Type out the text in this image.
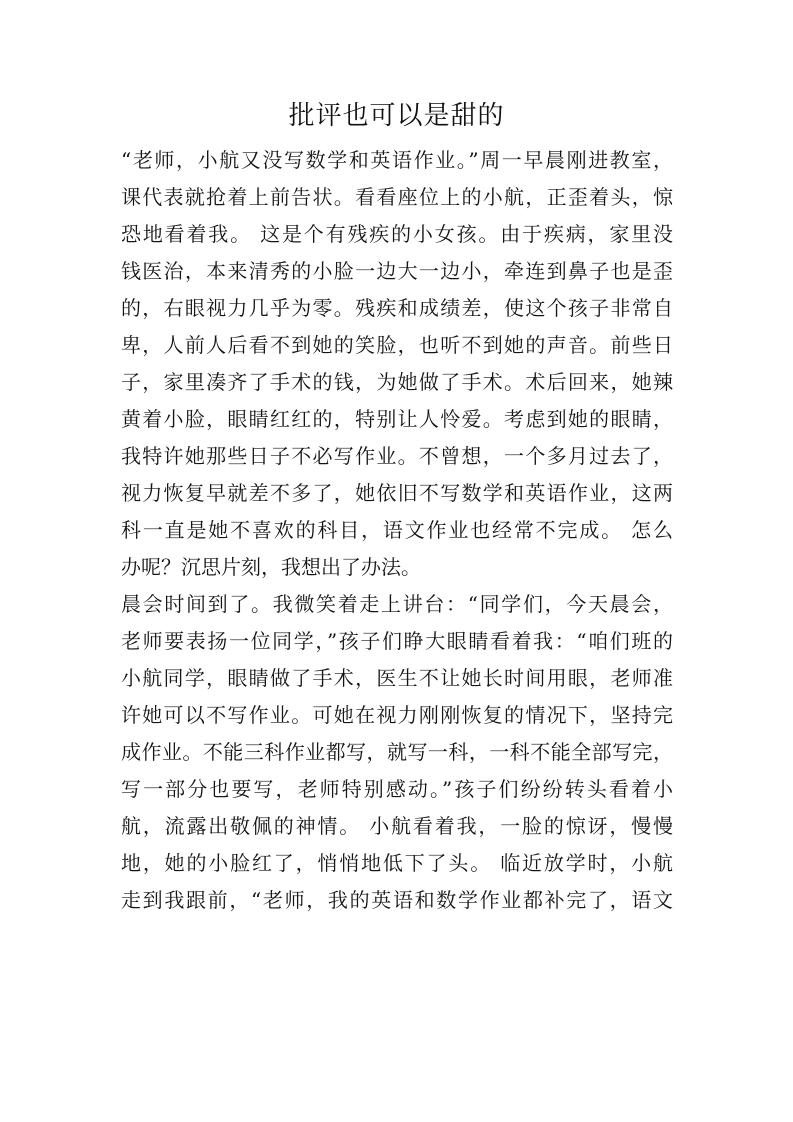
批评也可以是甜的
“老师，小航又没写数学和英语作业。”周一早晨刚进教室，
课代表就抢着上前告状。看看座位上的小航，正歪着头，惊
恐地看着我。 这是个有残疾的小女孩。由于疾病，家里没
钱医治，本来清秀的小脸一边大一边小，牵连到鼻子也是歪
的，右眼视力几乎为零。残疾和成绩差，使这个孩子非常自
卑，人前人后看不到她的笑脸，也听不到她的声音。前些日
子，家里凑齐了手术的钱，为她做了手术。术后回来，她辣
黄着小脸，眼睛红红的，特别让人怜爱。考虑到她的眼睛，
我特许她那些日子不必写作业。不曾想，一个多月过去了，
视力恢复早就差不多了，她依旧不写数学和英语作业，这两
科一直是她不喜欢的科目，语文作业也经常不完成。 怎么
办呢？沉思片刻，我想出了办法。
晨会时间到了。我微笑着走上讲台：“同学们，今天晨会，
老师要表扬一位同学，”孩子们睁大眼睛看着我：“咱们班的
小航同学，眼睛做了手术，医生不让她长时间用眼，老师准
许她可以不写作业。可她在视力刚刚恢复的情况下，坚持完
成作业。不能三科作业都写，就写一科，一科不能全部写完，
写一部分也要写，老师特别感动。”孩子们纷纷转头看着小
航，流露出敬佩的神情。 小航看着我，一脸的惊讶，慢慢
地，她的小脸红了，悄悄地低下了头。 临近放学时，小航
走到我跟前，“老师，我的英语和数学作业都补完了，语文
